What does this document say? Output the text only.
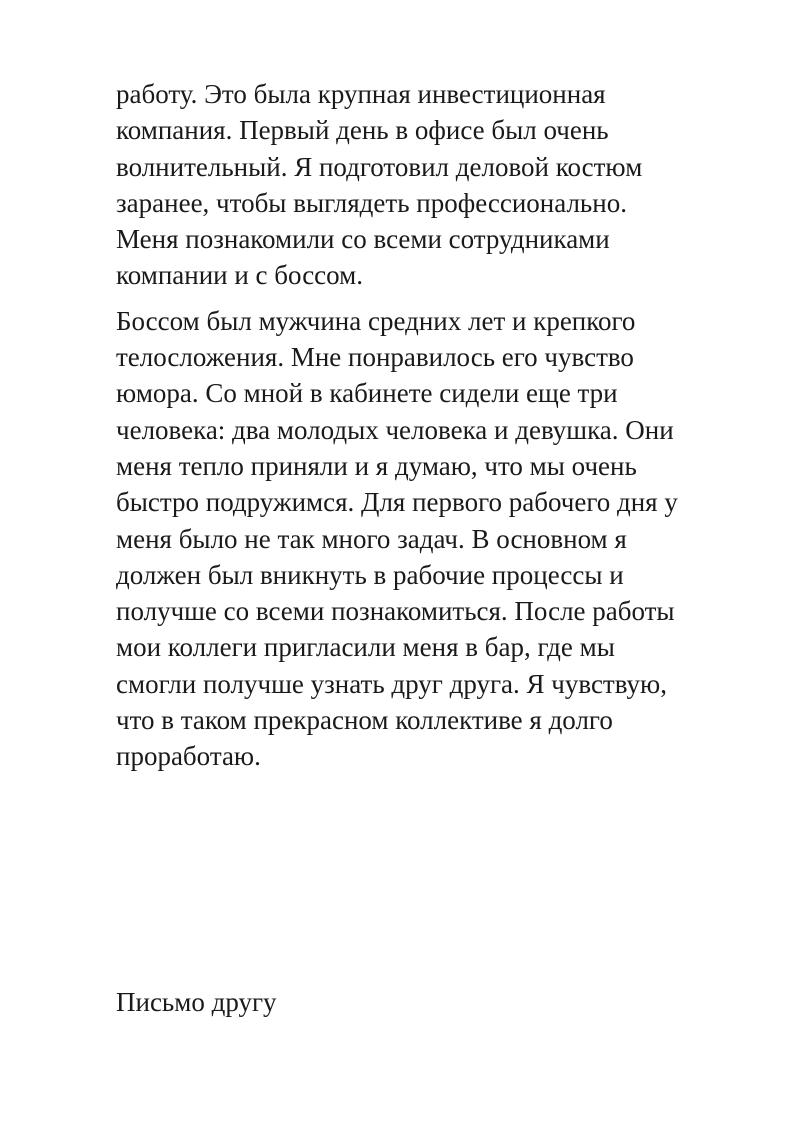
работу. Это была крупная инвестиционная
компания. Первый день в офисе был очень
волнительный. Я подготовил деловой костюм
заранее, чтобы выглядеть профессионально.
Меня познакомили со всеми сотрудниками
компании и с боссом.
Боссом был мужчина средних лет и крепкого
телосложения. Мне понравилось его чувство
юмора. Со мной в кабинете сидели еще три
человека: два молодых человека и девушка. Они
меня тепло приняли и я думаю, что мы очень
быстро подружимся. Для первого рабочего дня у
меня было не так много задач. В основном я
должен был вникнуть в рабочие процессы и
получше со всеми познакомиться. После работы
мои коллеги пригласили меня в бар, где мы
смогли получше узнать друг друга. Я чувствую,
что в таком прекрасном коллективе я долго
проработаю.
Письмо другу
